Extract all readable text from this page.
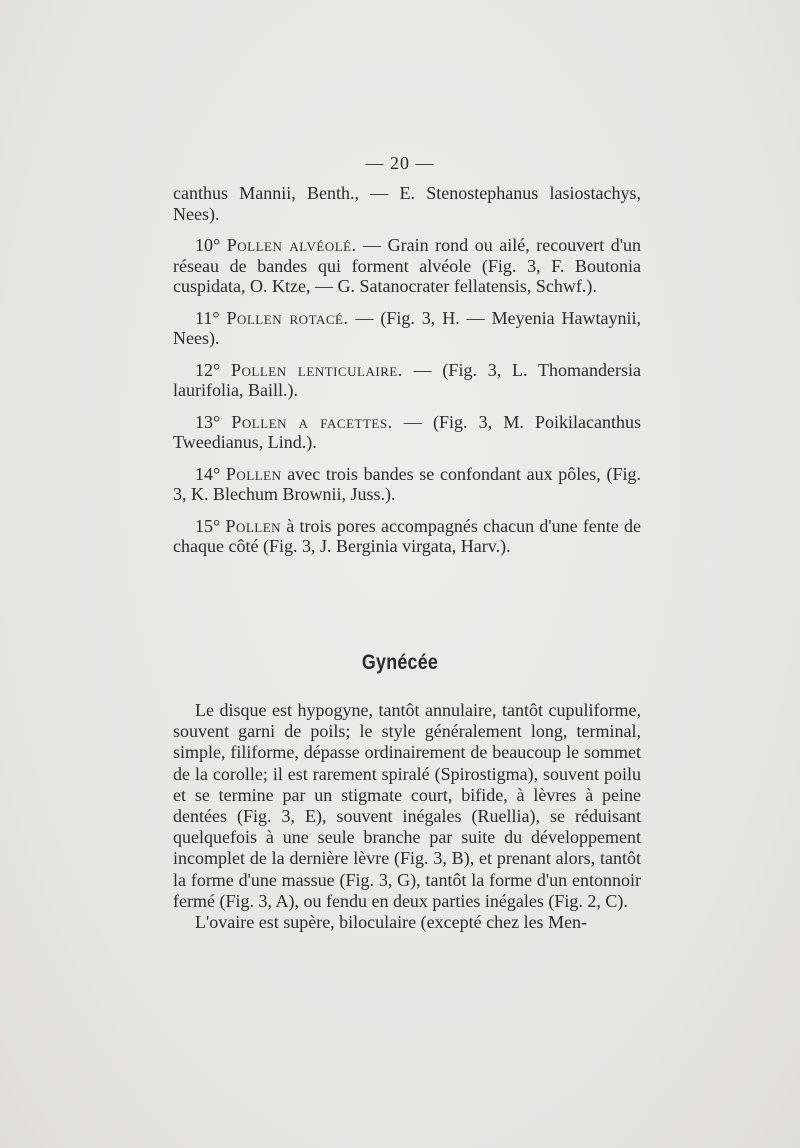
— 20 —

canthus Mannii, Benth., — E. Stenostephanus lasiostachys, Nees).

10° Pollen alvéolé. — Grain rond ou ailé, recouvert d'un réseau de bandes qui forment alvéole (Fig. 3, F. Boutonia cuspidata, O. Ktze, — G. Satanocrater fellatensis, Schwf.).

11° Pollen rotacé. — (Fig. 3, H. — Meyenia Hawtaynii, Nees).

12° Pollen lenticulaire. — (Fig. 3, L. Thomandersia laurifolia, Baill.).

13° Pollen a facettes. — (Fig. 3, M. Poikilacanthus Tweedianus, Lind.).

14° Pollen avec trois bandes se confondant aux pôles, (Fig. 3, K. Blechum Brownii, Juss.).

15° Pollen à trois pores accompagnés chacun d'une fente de chaque côté (Fig. 3, J. Berginia virgata, Harv.).

Gynécée

Le disque est hypogyne, tantôt annulaire, tantôt cupuliforme, souvent garni de poils; le style généralement long, terminal, simple, filiforme, dépasse ordinairement de beaucoup le sommet de la corolle; il est rarement spiralé (Spirostigma), souvent poilu et se termine par un stigmate court, bifide, à lèvres à peine dentées (Fig. 3, E), souvent inégales (Ruellia), se réduisant quelquefois à une seule branche par suite du développement incomplet de la dernière lèvre (Fig. 3, B), et prenant alors, tantôt la forme d'une massue (Fig. 3, G), tantôt la forme d'un entonnoir fermé (Fig. 3, A), ou fendu en deux parties inégales (Fig. 2, C).

L'ovaire est supère, biloculaire (excepté chez les Men-
